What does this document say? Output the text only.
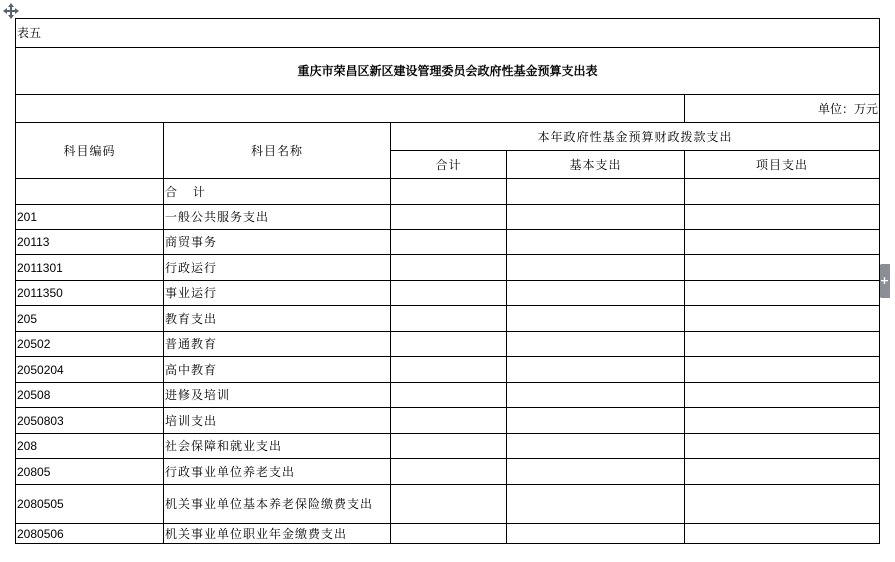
+
表五				
重庆市荣昌区新区建设管理委员会政府性基金预算支出表				
				单位：万元
科目编码	科目名称	本年政府性基金预算财政拨款支出		
		合计	基本支出	项目支出
	合 计			
201	一般公共服务支出			
20113	商贸事务			
2011301	行政运行			
2011350	事业运行			
205	教育支出			
20502	普通教育			
2050204	高中教育			
20508	进修及培训			
2050803	培训支出			
208	社会保障和就业支出			
20805	行政事业单位养老支出			
2080505	机关事业单位基本养老保险缴费支出			
2080506	机关事业单位职业年金缴费支出			
